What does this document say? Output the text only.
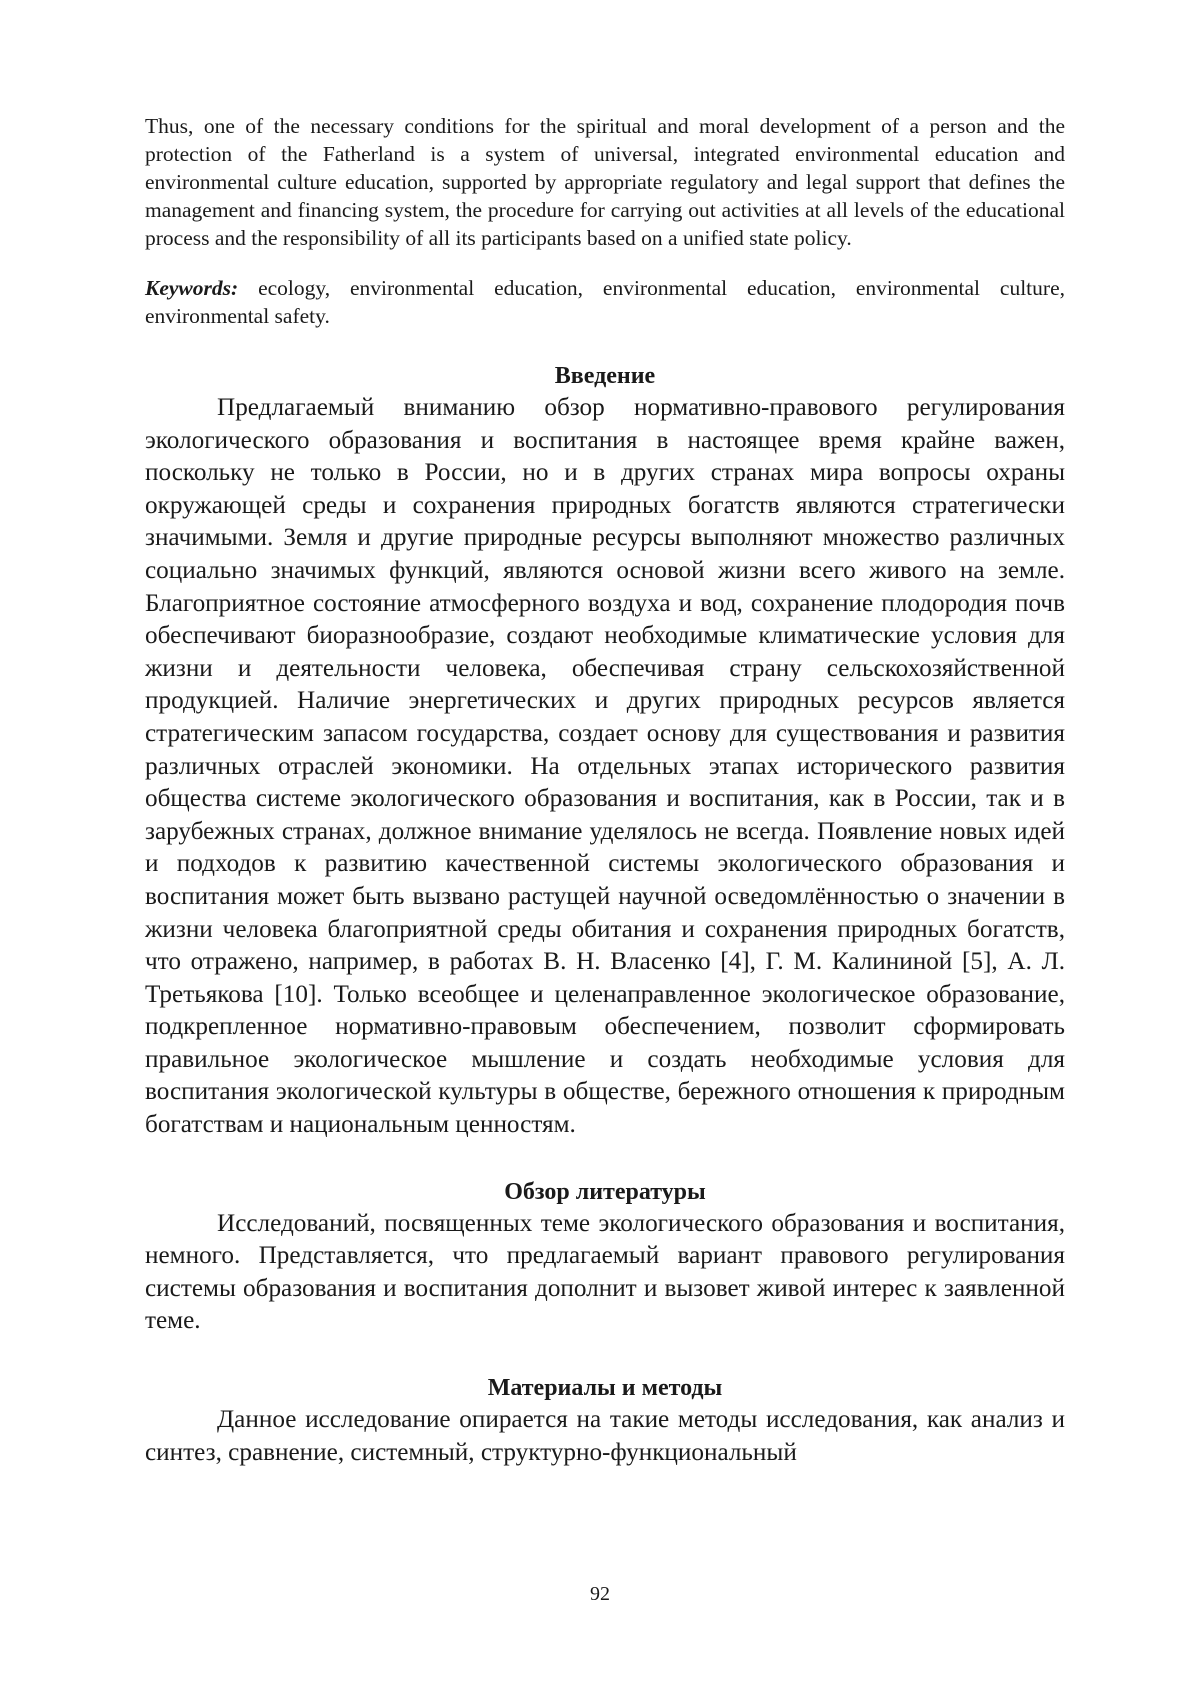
Thus, one of the necessary conditions for the spiritual and moral development of a person and the protection of the Fatherland is a system of universal, integrated environmental education and environmental culture education, supported by appropriate regulatory and legal support that defines the management and financing system, the procedure for carrying out activities at all levels of the educational process and the responsibility of all its participants based on a unified state policy.

Keywords: ecology, environmental education, environmental education, environmental culture, environmental safety.

Введение

Предлагаемый вниманию обзор нормативно-правового регулирования экологического образования и воспитания в настоящее время крайне важен, поскольку не только в России, но и в других странах мира вопросы охраны окружающей среды и сохранения природных богатств являются стратегически значимыми. Земля и другие природные ресурсы выполняют множество различных социально значимых функций, являются основой жизни всего живого на земле. Благоприятное состояние атмосферного воздуха и вод, сохранение плодородия почв обеспечивают биоразнообразие, создают необходимые климатические условия для жизни и деятельности человека, обеспечивая страну сельскохозяйственной продукцией. Наличие энергетических и других природных ресурсов является стратегическим запасом государства, создает основу для существования и развития различных отраслей экономики. На отдельных этапах исторического развития общества системе экологического образования и воспитания, как в России, так и в зарубежных странах, должное внимание уделялось не всегда. Появление новых идей и подходов к развитию качественной системы экологического образования и воспитания может быть вызвано растущей научной осведомлённостью о значении в жизни человека благоприятной среды обитания и сохранения природных богатств, что отражено, например, в работах В. Н. Власенко [4], Г. М. Калининой [5], А. Л. Третьякова [10]. Только всеобщее и целенаправленное экологическое образование, подкрепленное нормативно-правовым обеспечением, позволит сформировать правильное экологическое мышление и создать необходимые условия для воспитания экологической культуры в обществе, бережного отношения к природным богатствам и национальным ценностям.

Обзор литературы

Исследований, посвященных теме экологического образования и воспитания, немного. Представляется, что предлагаемый вариант правового регулирования системы образования и воспитания дополнит и вызовет живой интерес к заявленной теме.

Материалы и методы

Данное исследование опирается на такие методы исследования, как анализ и синтез, сравнение, системный, структурно-функциональный

92
